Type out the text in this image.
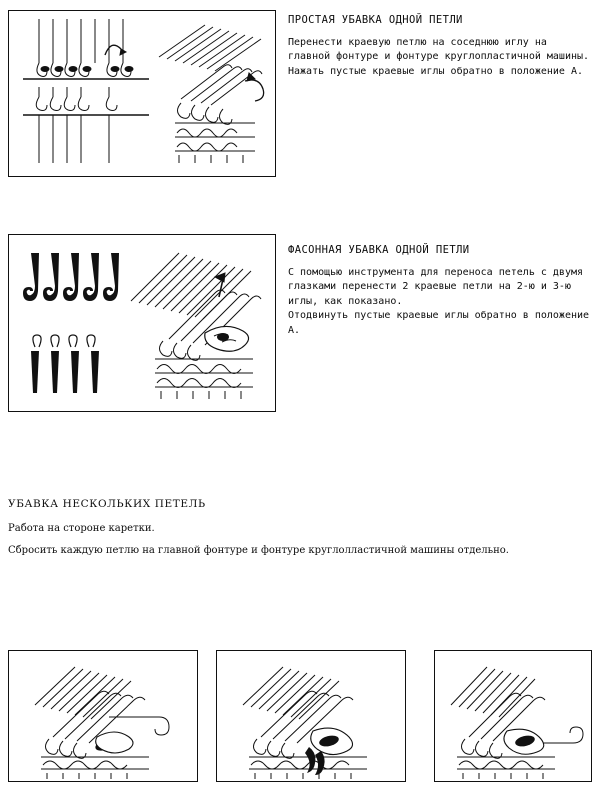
ПРОСТАЯ УБАВКА ОДНОЙ ПЕТЛИ

Перенести краевую петлю на соседнюю иглу на главной фонтуре и фонтуре круглопластичной машины.

Нажать пустые краевые иглы обратно в положение А.

ФАСОННАЯ УБАВКА ОДНОЙ ПЕТЛИ

С помощью инструмента для переноса петель с двумя глазками перенести 2 краевые петли на 2-ю и 3-ю иглы, как показано.

Отодвинуть пустые краевые иглы обратно в положение А.

УБАВКА НЕСКОЛЬКИХ ПЕТЕЛЬ

Работа на стороне каретки.

Сбросить каждую петлю на главной фонтуре и фонтуре круглолластичной машины отдельно.
